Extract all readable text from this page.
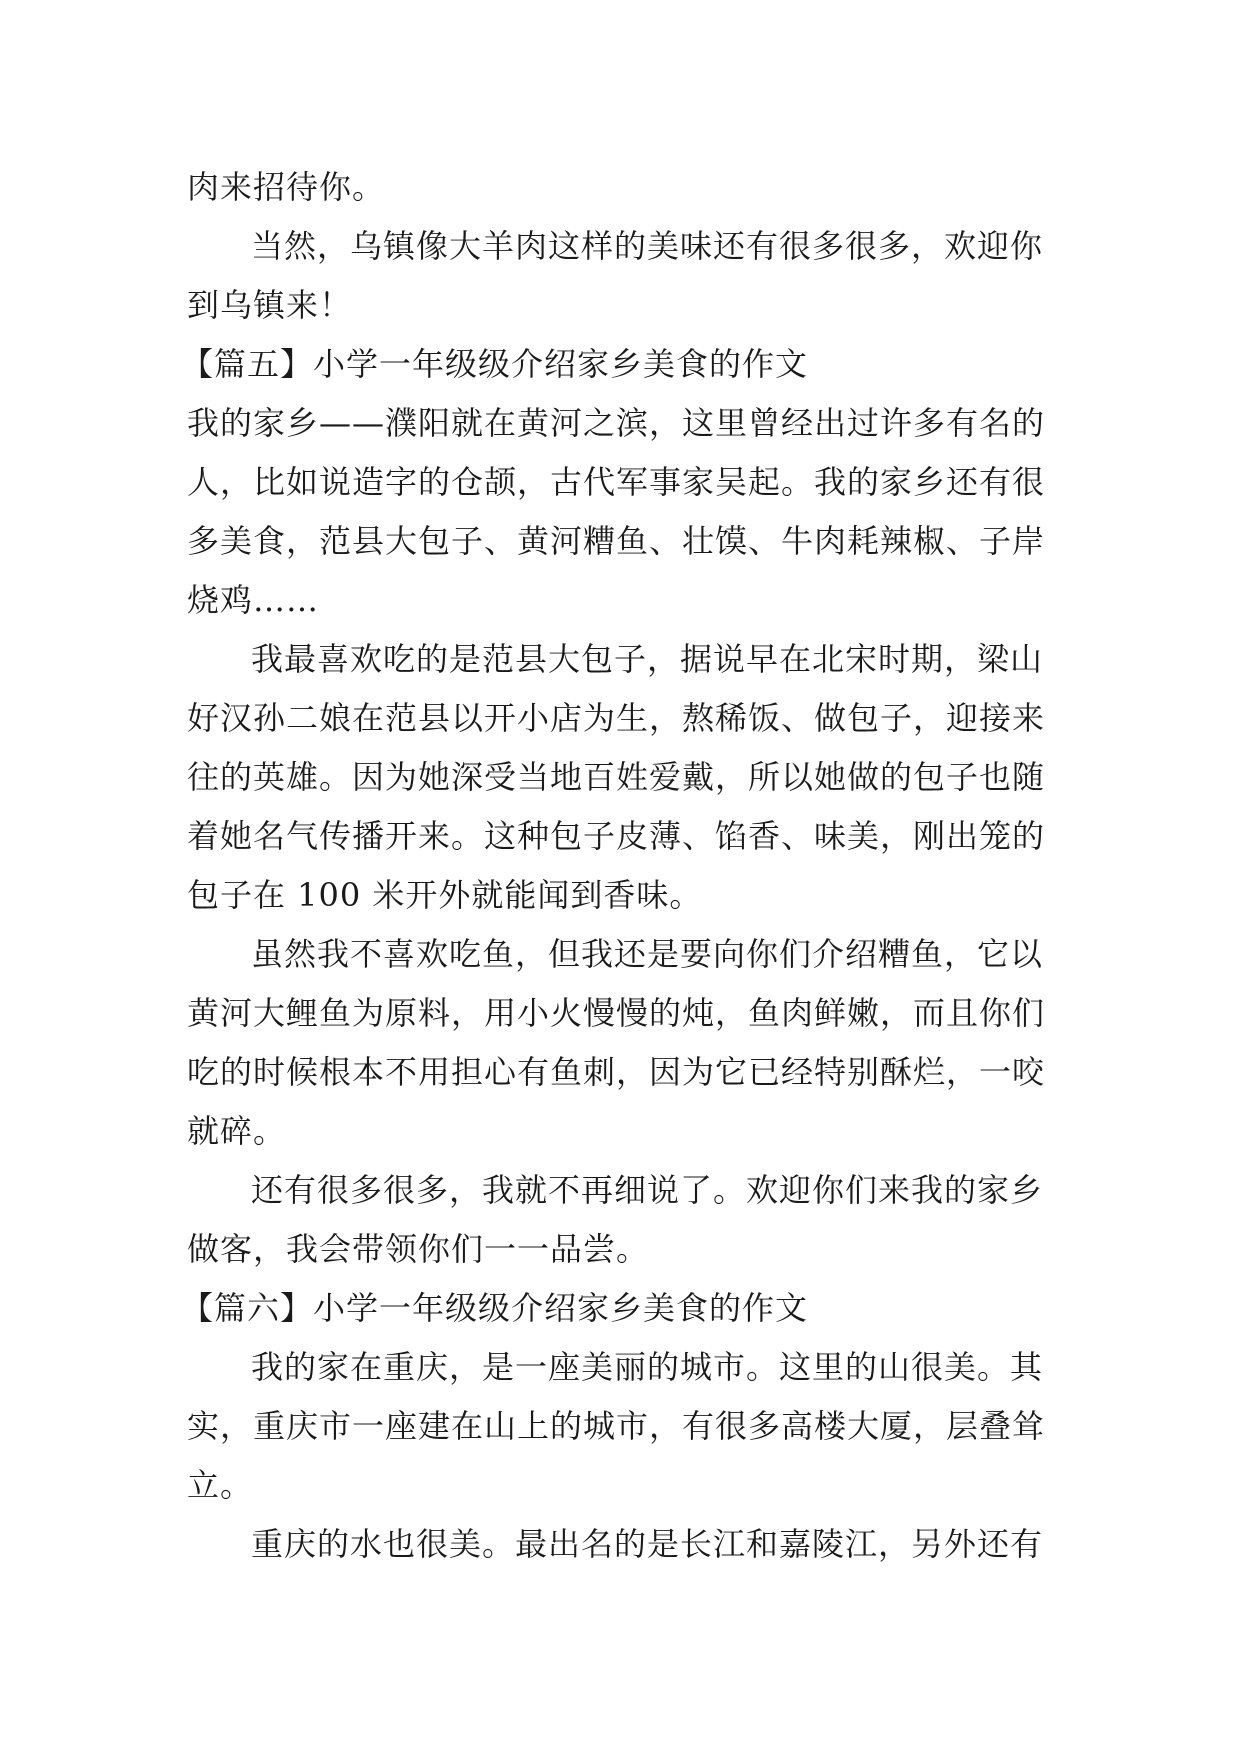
肉来招待你。
当然，乌镇像大羊肉这样的美味还有很多很多，欢迎你
到乌镇来！
【篇五】小学一年级级介绍家乡美食的作文
我的家乡——濮阳就在黄河之滨，这里曾经出过许多有名的
人，比如说造字的仓颉，古代军事家吴起。我的家乡还有很
多美食，范县大包子、黄河糟鱼、壮馍、牛肉耗辣椒、子岸
烧鸡……
我最喜欢吃的是范县大包子，据说早在北宋时期，梁山
好汉孙二娘在范县以开小店为生，熬稀饭、做包子，迎接来
往的英雄。因为她深受当地百姓爱戴，所以她做的包子也随
着她名气传播开来。这种包子皮薄、馅香、味美，刚出笼的
包子在 100 米开外就能闻到香味。
虽然我不喜欢吃鱼，但我还是要向你们介绍糟鱼，它以
黄河大鲤鱼为原料，用小火慢慢的炖，鱼肉鲜嫩，而且你们
吃的时候根本不用担心有鱼刺，因为它已经特别酥烂，一咬
就碎。
还有很多很多，我就不再细说了。欢迎你们来我的家乡
做客，我会带领你们一一品尝。
【篇六】小学一年级级介绍家乡美食的作文
我的家在重庆，是一座美丽的城市。这里的山很美。其
实，重庆市一座建在山上的城市，有很多高楼大厦，层叠耸
立。
重庆的水也很美。最出名的是长江和嘉陵江，另外还有
